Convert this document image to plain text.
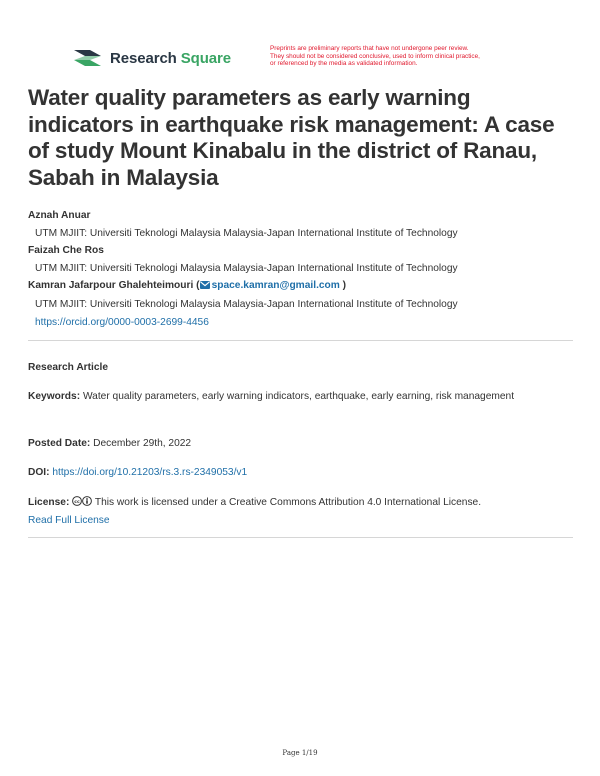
Research Square
Preprints are preliminary reports that have not undergone peer review.
They should not be considered conclusive, used to inform clinical practice,
or referenced by the media as validated information.
Water quality parameters as early warning indicators in earthquake risk management: A case of study Mount Kinabalu in the district of Ranau, Sabah in Malaysia
Aznah Anuar
UTM MJIIT: Universiti Teknologi Malaysia Malaysia-Japan International Institute of Technology
Faizah Che Ros
UTM MJIIT: Universiti Teknologi Malaysia Malaysia-Japan International Institute of Technology
Kamran Jafarpour Ghalehteimouri ( space.kamran@gmail.com )
UTM MJIIT: Universiti Teknologi Malaysia Malaysia-Japan International Institute of Technology
https://orcid.org/0000-0003-2699-4456
Research Article
Keywords: Water quality parameters, early warning indicators, earthquake, early earning, risk management
Posted Date: December 29th, 2022
DOI: https://doi.org/10.21203/rs.3.rs-2349053/v1
License: cc This work is licensed under a Creative Commons Attribution 4.0 International License.
Read Full License
Page 1/19
